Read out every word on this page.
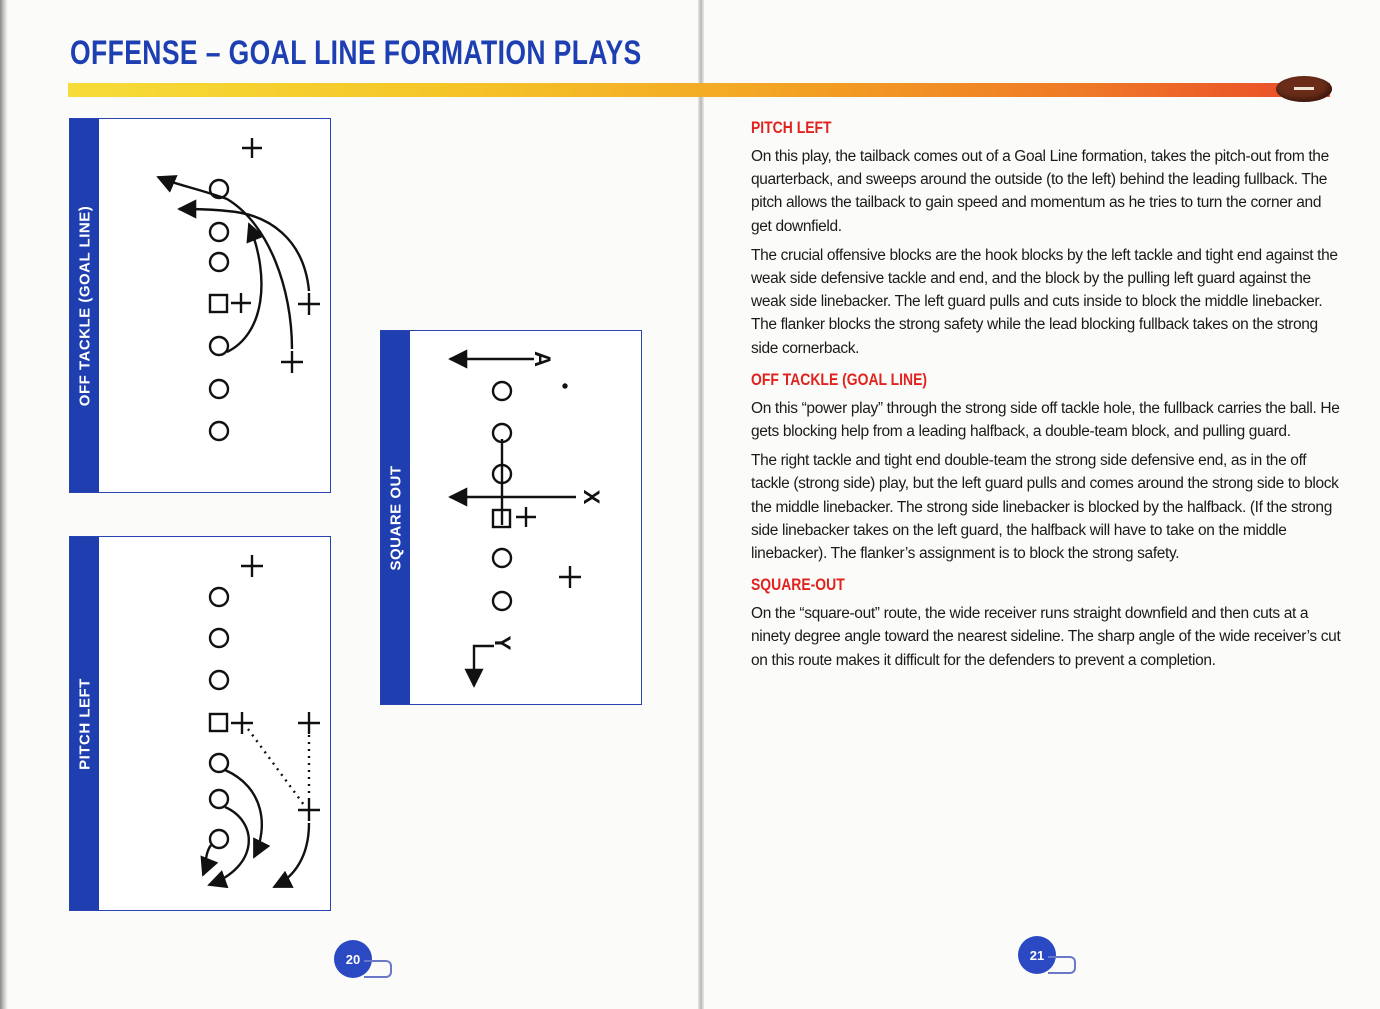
OFFENSE – GOAL LINE FORMATION PLAYS
OFF TACKLE (GOAL LINE)
SQUARE OUT
A
X
Y
PITCH LEFT
20	21
PITCH LEFT

On this play, the tailback comes out of a Goal Line formation, takes the pitch-out from the quarterback, and sweeps around the outside (to the left) behind the leading fullback. The pitch allows the tailback to gain speed and momentum as he tries to turn the corner and get downfield.

The crucial offensive blocks are the hook blocks by the left tackle and tight end against the weak side defensive tackle and end, and the block by the pulling left guard against the weak side linebacker. The left guard pulls and cuts inside to block the middle linebacker. The flanker blocks the strong safety while the lead blocking fullback takes on the strong side cornerback.

OFF TACKLE (GOAL LINE)

On this “power play” through the strong side off tackle hole, the fullback carries the ball. He gets blocking help from a leading halfback, a double-team block, and pulling guard.

The right tackle and tight end double-team the strong side defensive end, as in the off tackle (strong side) play, but the left guard pulls and comes around the strong side to block the middle linebacker. The strong side linebacker is blocked by the halfback. (If the strong side linebacker takes on the left guard, the halfback will have to take on the middle linebacker). The flanker’s assignment is to block the strong safety.

SQUARE-OUT

On the “square-out” route, the wide receiver runs straight downfield and then cuts at a ninety degree angle toward the nearest sideline. The sharp angle of the wide receiver’s cut on this route makes it difficult for the defenders to prevent a completion.
